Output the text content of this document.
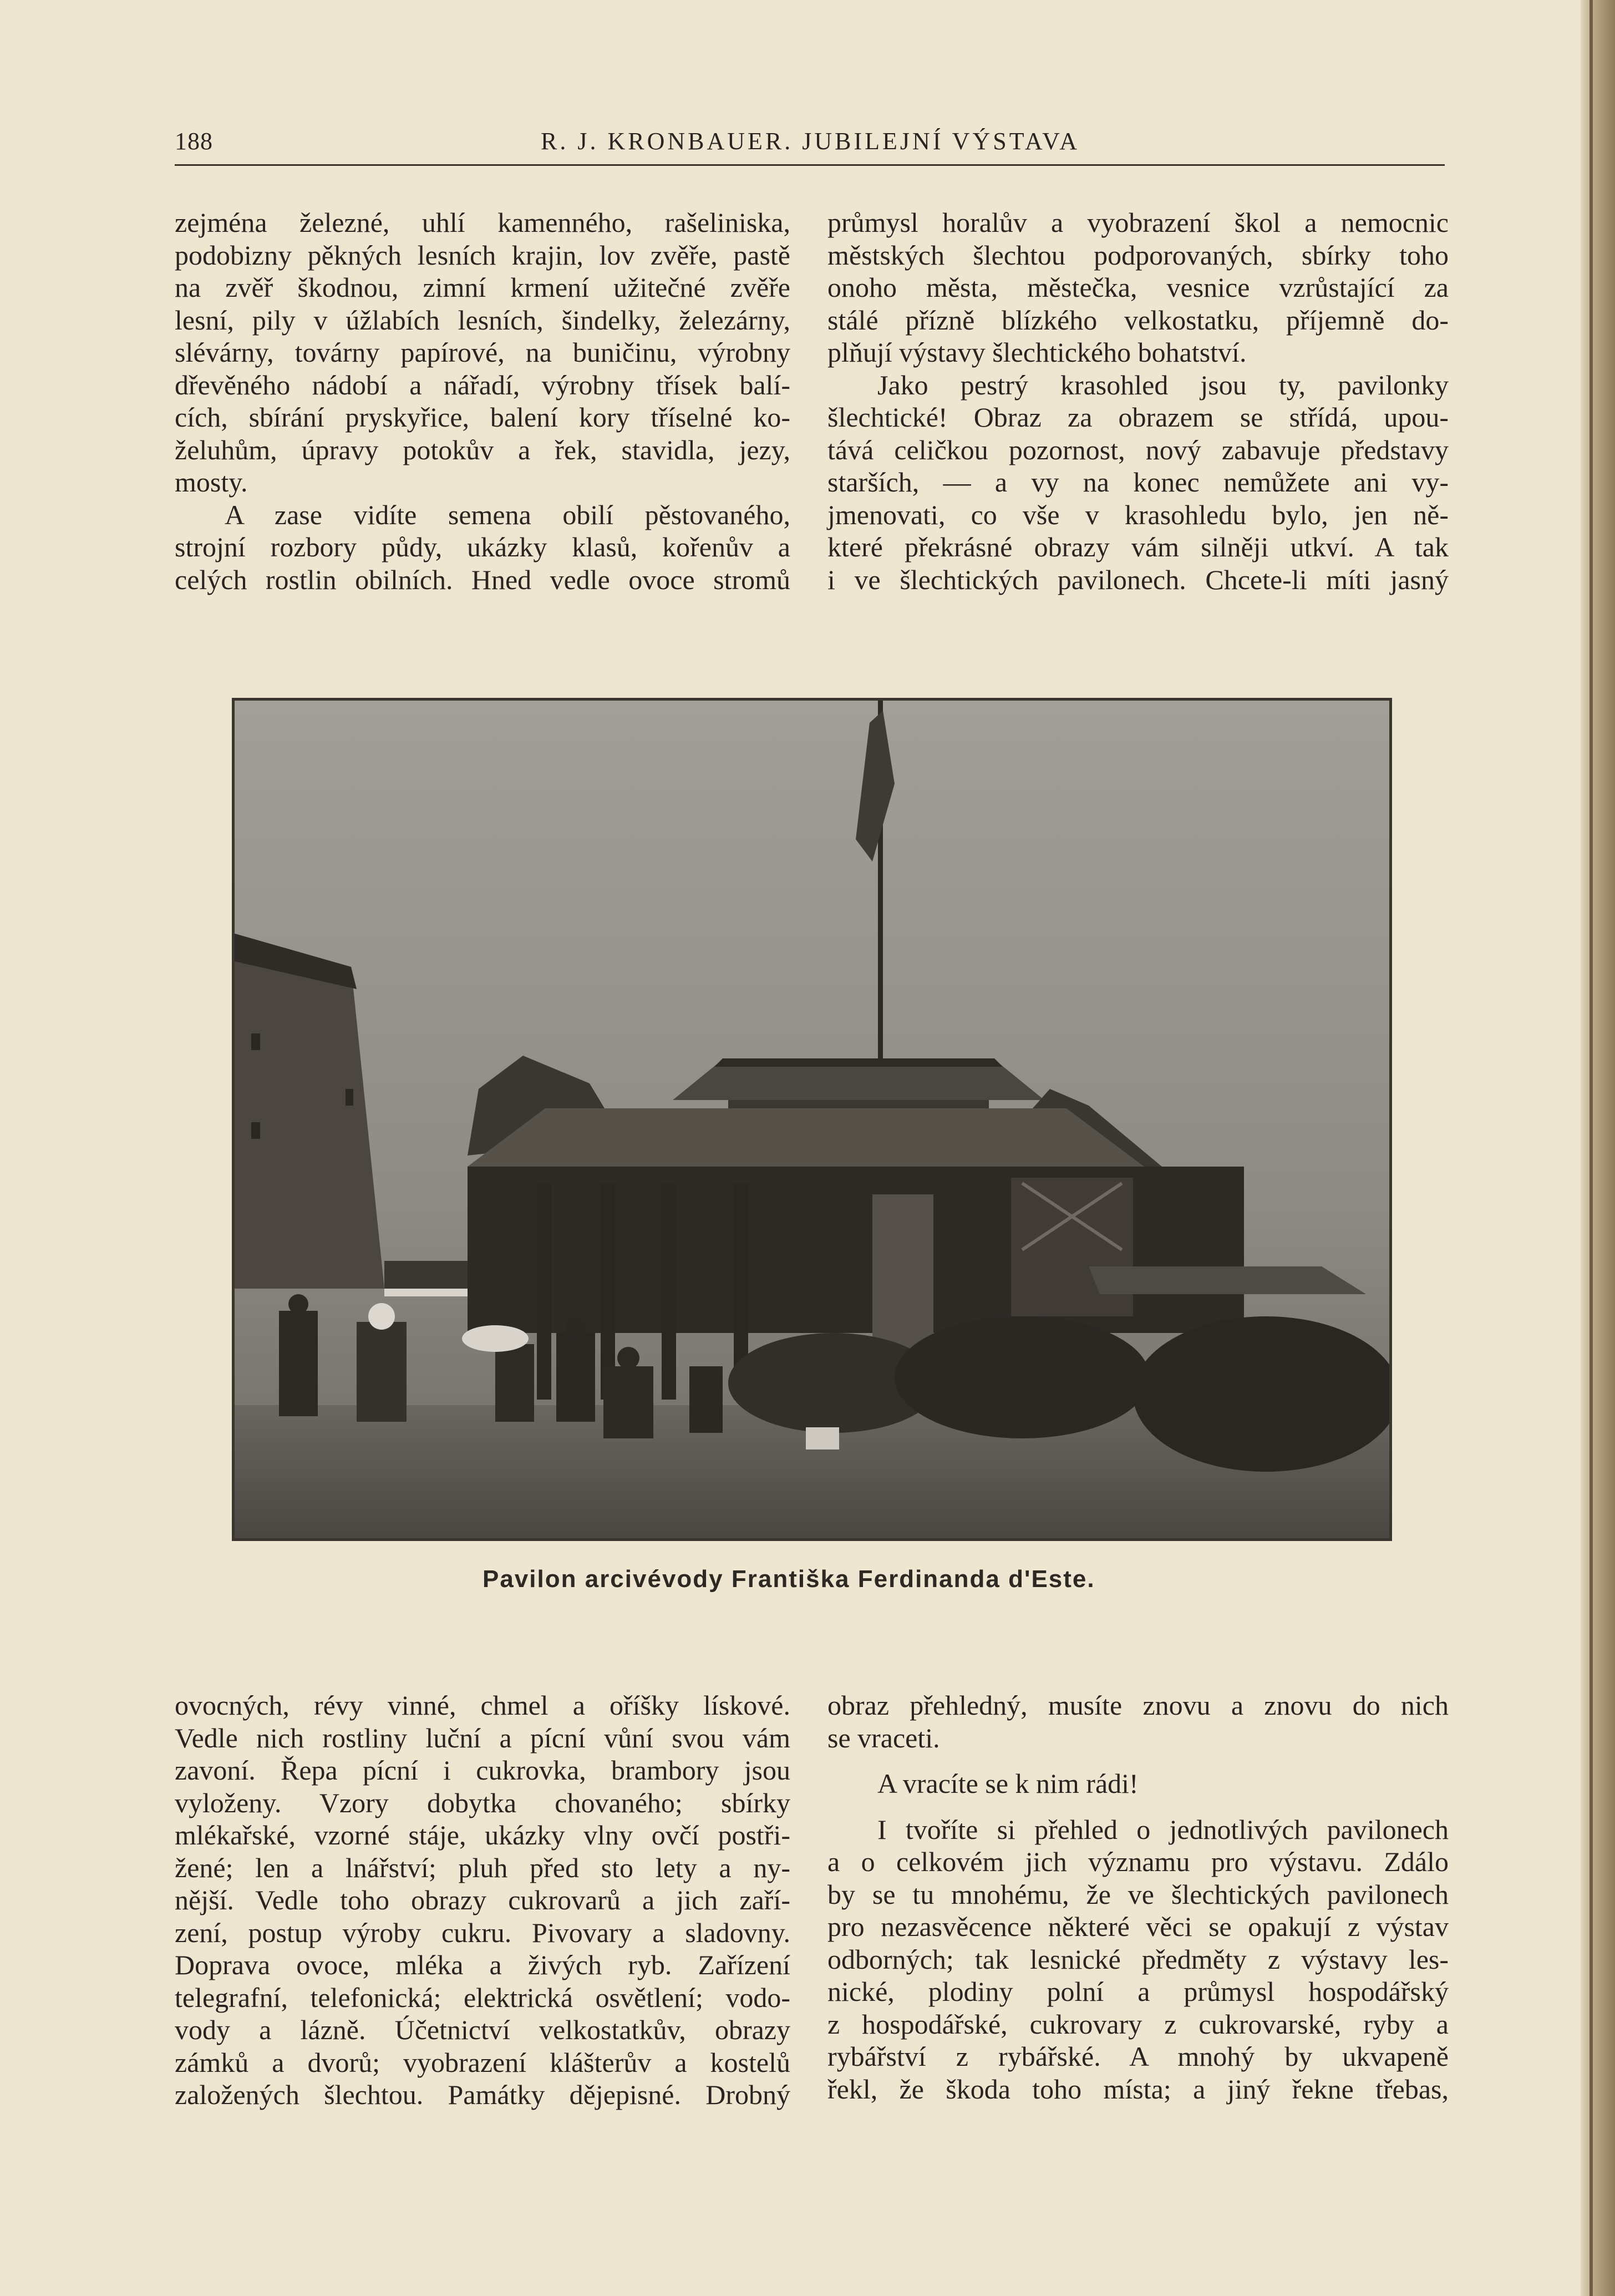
188	R. J. KRONBAUER. JUBILEJNÍ VÝSTAVA

zejména železné, uhlí kamenného, rašeliniska,
podobizny pěkných lesních krajin, lov zvěře, pastě
na zvěř škodnou, zimní krmení užitečné zvěře
lesní, pily v úžlabích lesních, šindelky, železárny,
slévárny, továrny papírové, na buničinu, výrobny
dřevěného nádobí a nářadí, výrobny třísek balí-
cích, sbírání pryskyřice, balení kory tříselné ko-
želuhům, úpravy potokův a řek, stavidla, jezy,
mosty.

A zase vidíte semena obilí pěstovaného,
strojní rozbory půdy, ukázky klasů, kořenův a
celých rostlin obilních. Hned vedle ovoce stromů

průmysl horalův a vyobrazení škol a nemocnic
městských šlechtou podporovaných, sbírky toho
onoho města, městečka, vesnice vzrůstající za
stálé přízně blízkého velkostatku, příjemně do-
plňují výstavy šlechtického bohatství.

Jako pestrý krasohled jsou ty, pavilonky
šlechtické! Obraz za obrazem se střídá, upou-
tává celičkou pozornost, nový zabavuje představy
starších, — a vy na konec nemůžete ani vy-
jmenovati, co vše v krasohledu bylo, jen ně-
které překrásné obrazy vám silněji utkví. A tak
i ve šlechtických pavilonech. Chcete-li míti jasný

Pavilon arcivévody Františka Ferdinanda d'Este.

ovocných, révy vinné, chmel a oříšky lískové.
Vedle nich rostliny luční a pícní vůní svou vám
zavoní. Řepa pícní i cukrovka, brambory jsou
vyloženy. Vzory dobytka chovaného; sbírky
mlékařské, vzorné stáje, ukázky vlny ovčí postři-
žené; len a lnářství; pluh před sto lety a ny-
nější. Vedle toho obrazy cukrovarů a jich zaří-
zení, postup výroby cukru. Pivovary a sladovny.
Doprava ovoce, mléka a živých ryb. Zařízení
telegrafní, telefonická; elektrická osvětlení; vodo-
vody a lázně. Účetnictví velkostatkův, obrazy
zámků a dvorů; vyobrazení klášterův a kostelů
založených šlechtou. Památky dějepisné. Drobný

obraz přehledný, musíte znovu a znovu do nich
se vraceti.

A vracíte se k nim rádi!

I tvoříte si přehled o jednotlivých pavilonech
a o celkovém jich významu pro výstavu. Zdálo
by se tu mnohému, že ve šlechtických pavilonech
pro nezasvěcence některé věci se opakují z výstav
odborných; tak lesnické předměty z výstavy les-
nické, plodiny polní a průmysl hospodářský
z hospodářské, cukrovary z cukrovarské, ryby a
rybářství z rybářské. A mnohý by ukvapeně
řekl, že škoda toho místa; a jiný řekne třebas,
